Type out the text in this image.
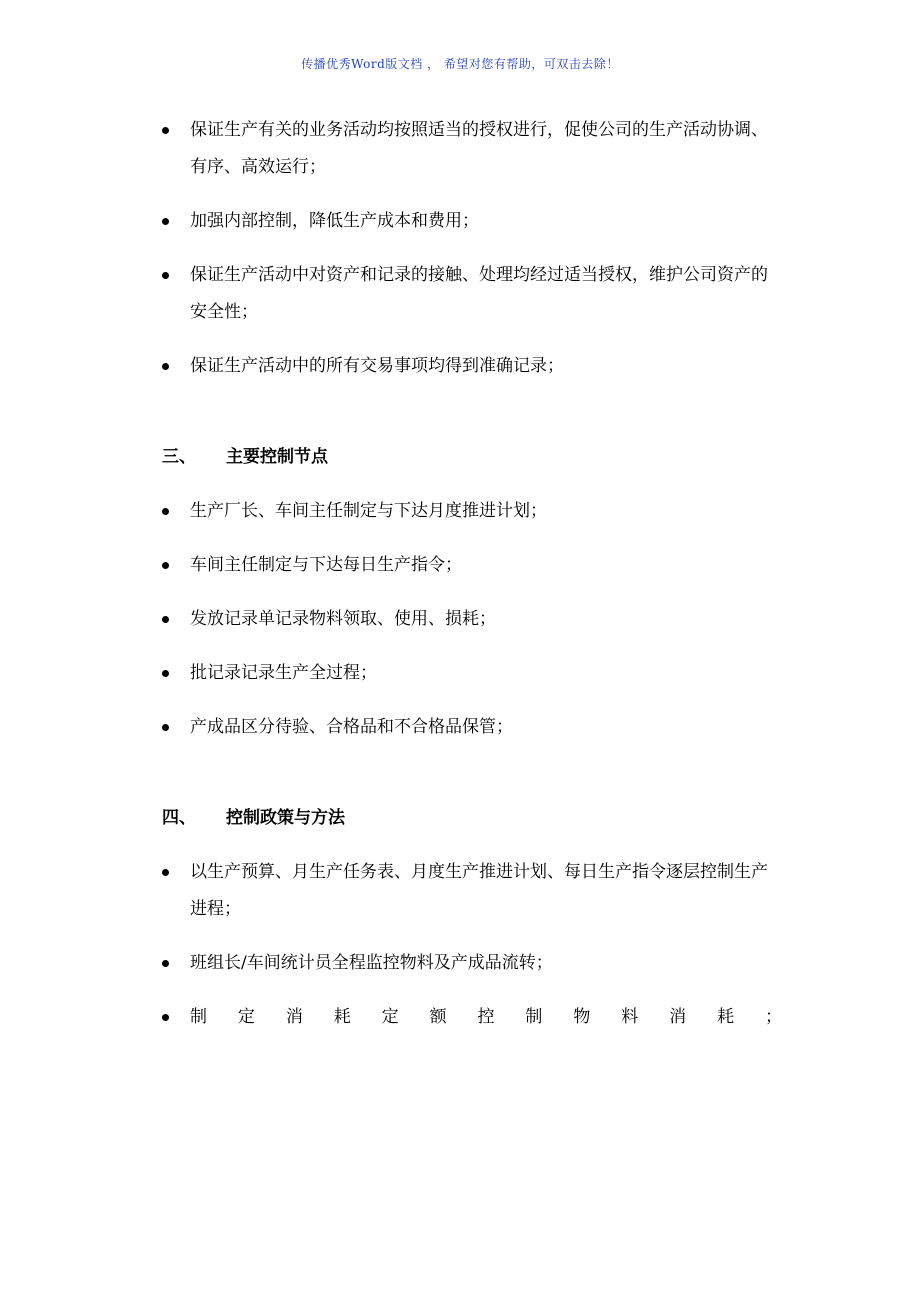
传播优秀Word版文档 ， 希望对您有帮助，可双击去除！
保证生产有关的业务活动均按照适当的授权进行，促使公司的生产活动协调、有序、高效运行；
加强内部控制，降低生产成本和费用；
保证生产活动中对资产和记录的接触、处理均经过适当授权，维护公司资产的安全性；
保证生产活动中的所有交易事项均得到准确记录；
三、 主要控制节点
生产厂长、车间主任制定与下达月度推进计划；
车间主任制定与下达每日生产指令；
发放记录单记录物料领取、使用、损耗；
批记录记录生产全过程；
产成品区分待验、合格品和不合格品保管；
四、 控制政策与方法
以生产预算、月生产任务表、月度生产推进计划、每日生产指令逐层控制生产进程；
班组长/车间统计员全程监控物料及产成品流转；
制定消耗定额控制物料消耗；
